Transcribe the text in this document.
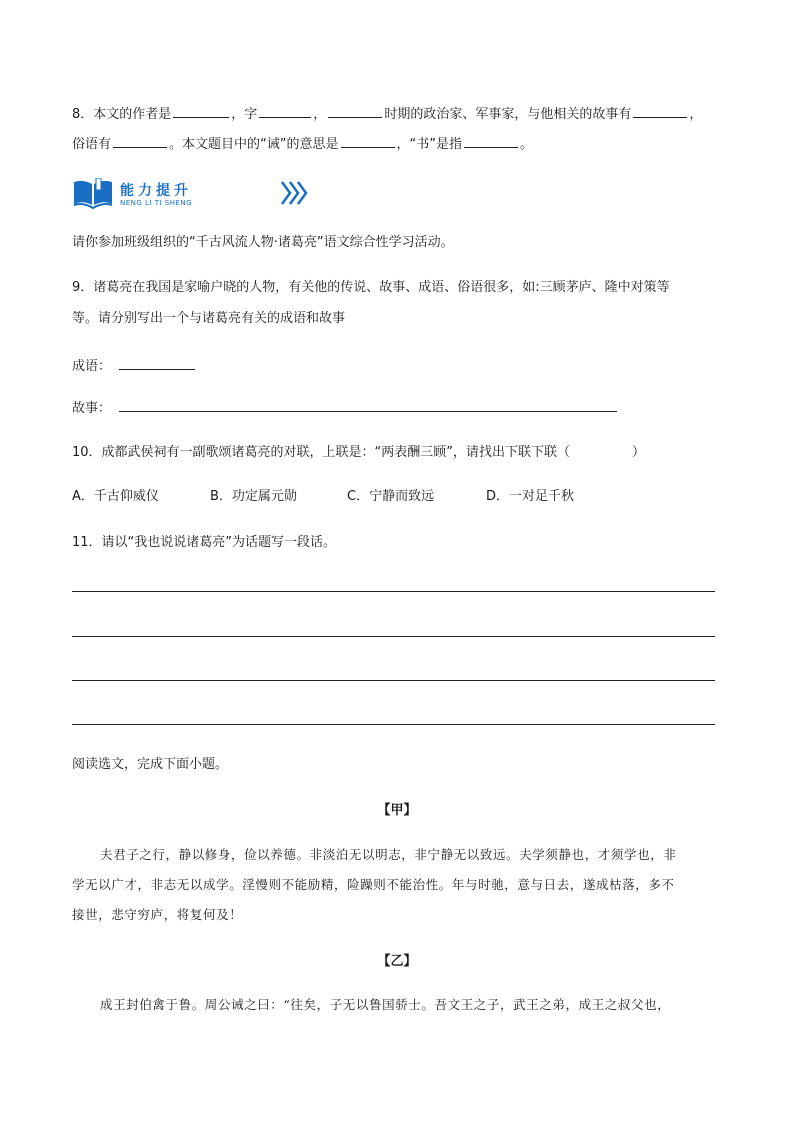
8．本文的作者是	，字	，	时期的政治家、军事家，与他相关的故事有	，
俗语有	。本文题目中的“诫”的意思是	，“书”是指	。
能力提升
NENG LI TI SHENG
请你参加班级组织的“千古风流人物·诸葛亮”语文综合性学习活动。
9．诸葛亮在我国是家喻户晓的人物，有关他的传说、故事、成语、俗语很多，如:三顾茅庐、隆中对策等
等。请分别写出一个与诸葛亮有关的成语和故事
成语：
故事：
10．成都武侯祠有一副歌颂诸葛亮的对联，上联是：“两表酬三顾”，请找出下联下联（	）
A．千古仰威仪	B．功定属元勋	C．宁静而致远	D．一对足千秋
11．请以“我也说说诸葛亮”为话题写一段话。
阅读选文，完成下面小题。
【甲】
夫君子之行，静以修身，俭以养德。非淡泊无以明志，非宁静无以致远。夫学须静也，才须学也，非
学无以广才，非志无以成学。淫慢则不能励精，险躁则不能治性。年与时驰，意与日去，遂成枯落，多不
接世，悲守穷庐，将复何及！
【乙】
成王封伯禽于鲁。周公诫之曰：“往矣，子无以鲁国骄士。吾文王之子，武王之弟，成王之叔父也，
